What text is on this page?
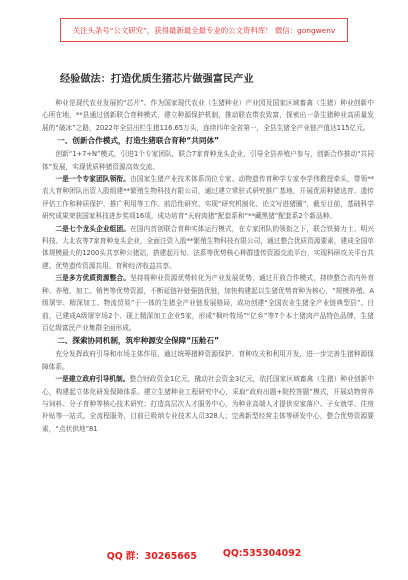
关注头条号“公文研究”，获得最新最全最专业的公文资料库！ 微信：gongwenv
经验做法：打造优质生猪芯片做强富民产业

种业是现代农业发展的“芯片”。作为国家现代农业（生猪种业）产业园及国家区域畜禽（生猪）种业创新中心所在地，**县通过创新联合育种模式，建立种源保护机制，推动联农带农致富，探索出一条生猪种业高质量发展的“破冰”之路，2022年全县出栏生猪116.65万头，连续四年全省第一，全县生猪全产业链产值达115亿元。

一、创新合作模式，打造生猪联合育种“共同体”

创新“1+7+N”模式，引进1个专家团队，联合7家育种龙头企业，引导全县养殖户参与，创新合作推动“共同体”发展，实现优质种猪资源高效交流。

一是一个专家团队领衔。由国家生猪产业技术体系岗位专家、动物遗传育种学专家李学伟教授牵头，带领**农大育种团队出资入股组建**繁殖生物科技有限公司，通过建立常驻式研究推广基地，开展优质种猪选育、遗传评估工作和种质保护、推广利用等工作。前沿性研究、实现“研究机制化、论文写进猪圈”，截至目前，基础科学研究成果荣获国家科技进步奖项16项，成功培育“天府肉猪”配套系和“**藏黑猪”配套系2个新品种。

二是七个龙头企业组团。在国内首创联合育种实体运行模式，在专家团队的领衔之下，联合铁骑力士、明兴科技、大北农等7家育种龙头企业，全面注资入股**繁殖生物科技有限公司，通过整合优质资源要素，建成全国单体规模最大的1200头共享种公猪站，搭建起月旬、法系等优势核心种群遗传资源交流平台，实现科研攻关平台共建、优势遗传资源共用、育种经济收益共享。

三是多方优质资源整合。坚持将种业资源优势转化为产业发展优势，通过开放合作模式，持续整合省内外育种、养殖、加工、销售等优势资源，不断延链补链强链优链，加快构建起以生猪优势育种为核心，“规模养殖、A级屠宰、精深加工、物流贸易”于一体的生猪全产业链发展格局，成功创建“全国农业生猪全产业链典型县”。目前，已建成A级屠宰场2个、现上精深加工企业5家，形成“枫叶牧场”“亿乡”等7个本土猪肉产品特色品牌，生猪百亿级富民产业集群全面形成。

二、探索协同机制，筑牢种源安全保障“压舱石”

充分发挥政府引导和市场主体作用，通过统筹猪种资源保护、育种攻关和利用开发，进一步完善生猪种源保障体系。

一是建立政府引导机制。整合财政资金1亿元，撬动社会资金3亿元，依托国家区域畜禽（生猪）种业创新中心，构建起立体化研发保障体系。建立生猪种业工程研究中心，采取“政府出题+院校答题”模式，开展动物营养与饲料、分子育种等核心技术研究；打造高层次人才服务中心，为种业高端人才提供安家落户、子女就学、住房补贴等一站式、全流程服务，目前已吸纳专业技术人员328人；完善新型经营主体等研发中心，整合优势资源要素，“点状供地”81

QQ 群：30265665	QQ:535304092
